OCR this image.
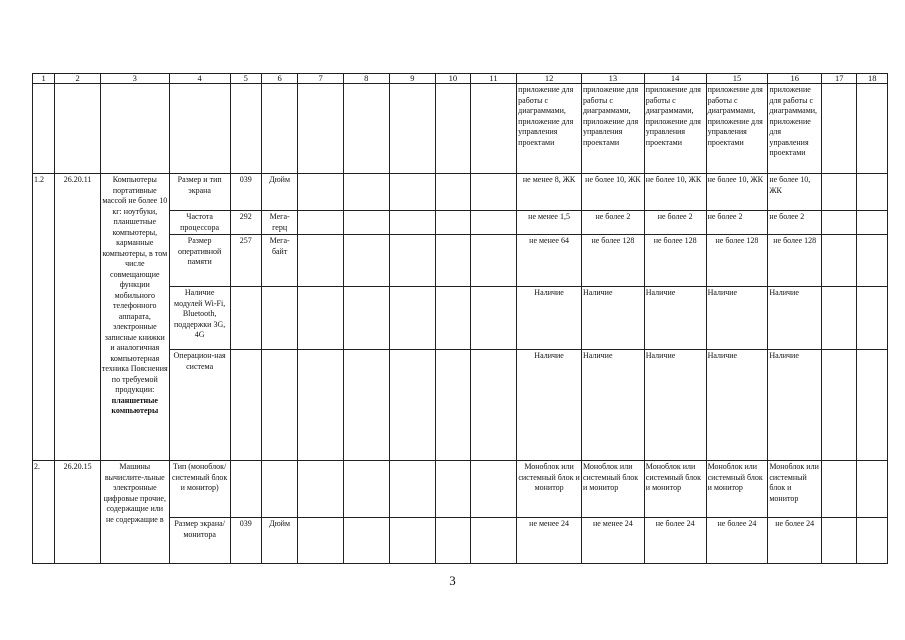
1	2	3	4	5	6	7	8	9	10	11	12	13	14	15	16	17	18
											приложение для работы с диаграммами, приложение для управления проектами	приложение для работы с диаграммами, приложение для управления проектами	приложение для работы с диаграммами, приложение для управления проектами	приложение для работы с диаграммами, приложение для управления проектами	приложение для работы с диаграммами, приложение для управления проектами		
1.2	26.20.11	Компьютеры портативные массой не более 10 кг: ноутбуки, планшетные компьютеры, карманные компьютеры, в том числе совмещающие функции мобильного телефонного аппарата, электронные записные книжки и аналогичная компьютерная техника Пояснения по требуемой продукции: планшетные компьютеры	Размер и тип экрана	039	Дюйм						не менее 8, ЖК	не более 10, ЖК	не более 10, ЖК	не более 10, ЖК	не более 10, ЖК		
			Частота процессора	292	Мега-герц						не менее 1,5	не более 2	не более 2	не более 2	не более 2		
			Размер оперативной памяти	257	Мега-байт						не менее 64	не более 128	не более 128	не более 128	не более 128		
			Наличие модулей Wi-Fi, Bluetooth, поддержки 3G, 4G								Наличие	Наличие	Наличие	Наличие	Наличие		
			Операцион-ная система								Наличие	Наличие	Наличие	Наличие	Наличие		
2.	26.20.15	Машины вычислите-льные электронные цифровые прочие, содержащие или не содержащие в	Тип (моноблок/ системный блок и монитор)								Моноблок или системный блок и монитор	Моноблок или системный блок и монитор	Моноблок или системный блок и монитор	Моноблок или системный блок и монитор	Моноблок или системный блок и монитор		
			Размер экрана/ монитора	039	Дюйм						не менее 24	не менее 24	не более 24	не более 24	не более 24		
3
